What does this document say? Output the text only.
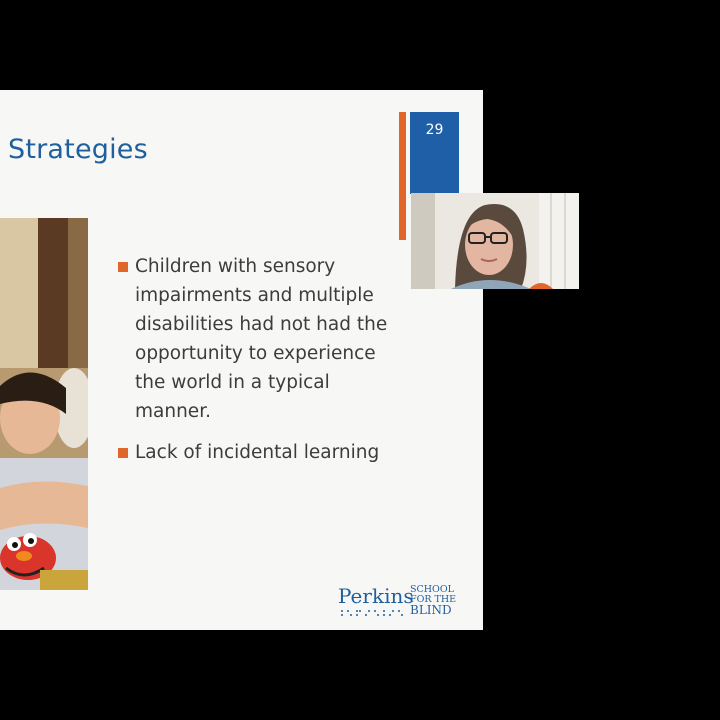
Strategies
29
Children with sensory impairments and multiple disabilities had not had the opportunity to experience the world in a typical manner.
Lack of incidental learning
Perkins
SCHOOL
FOR THE
BLIND
